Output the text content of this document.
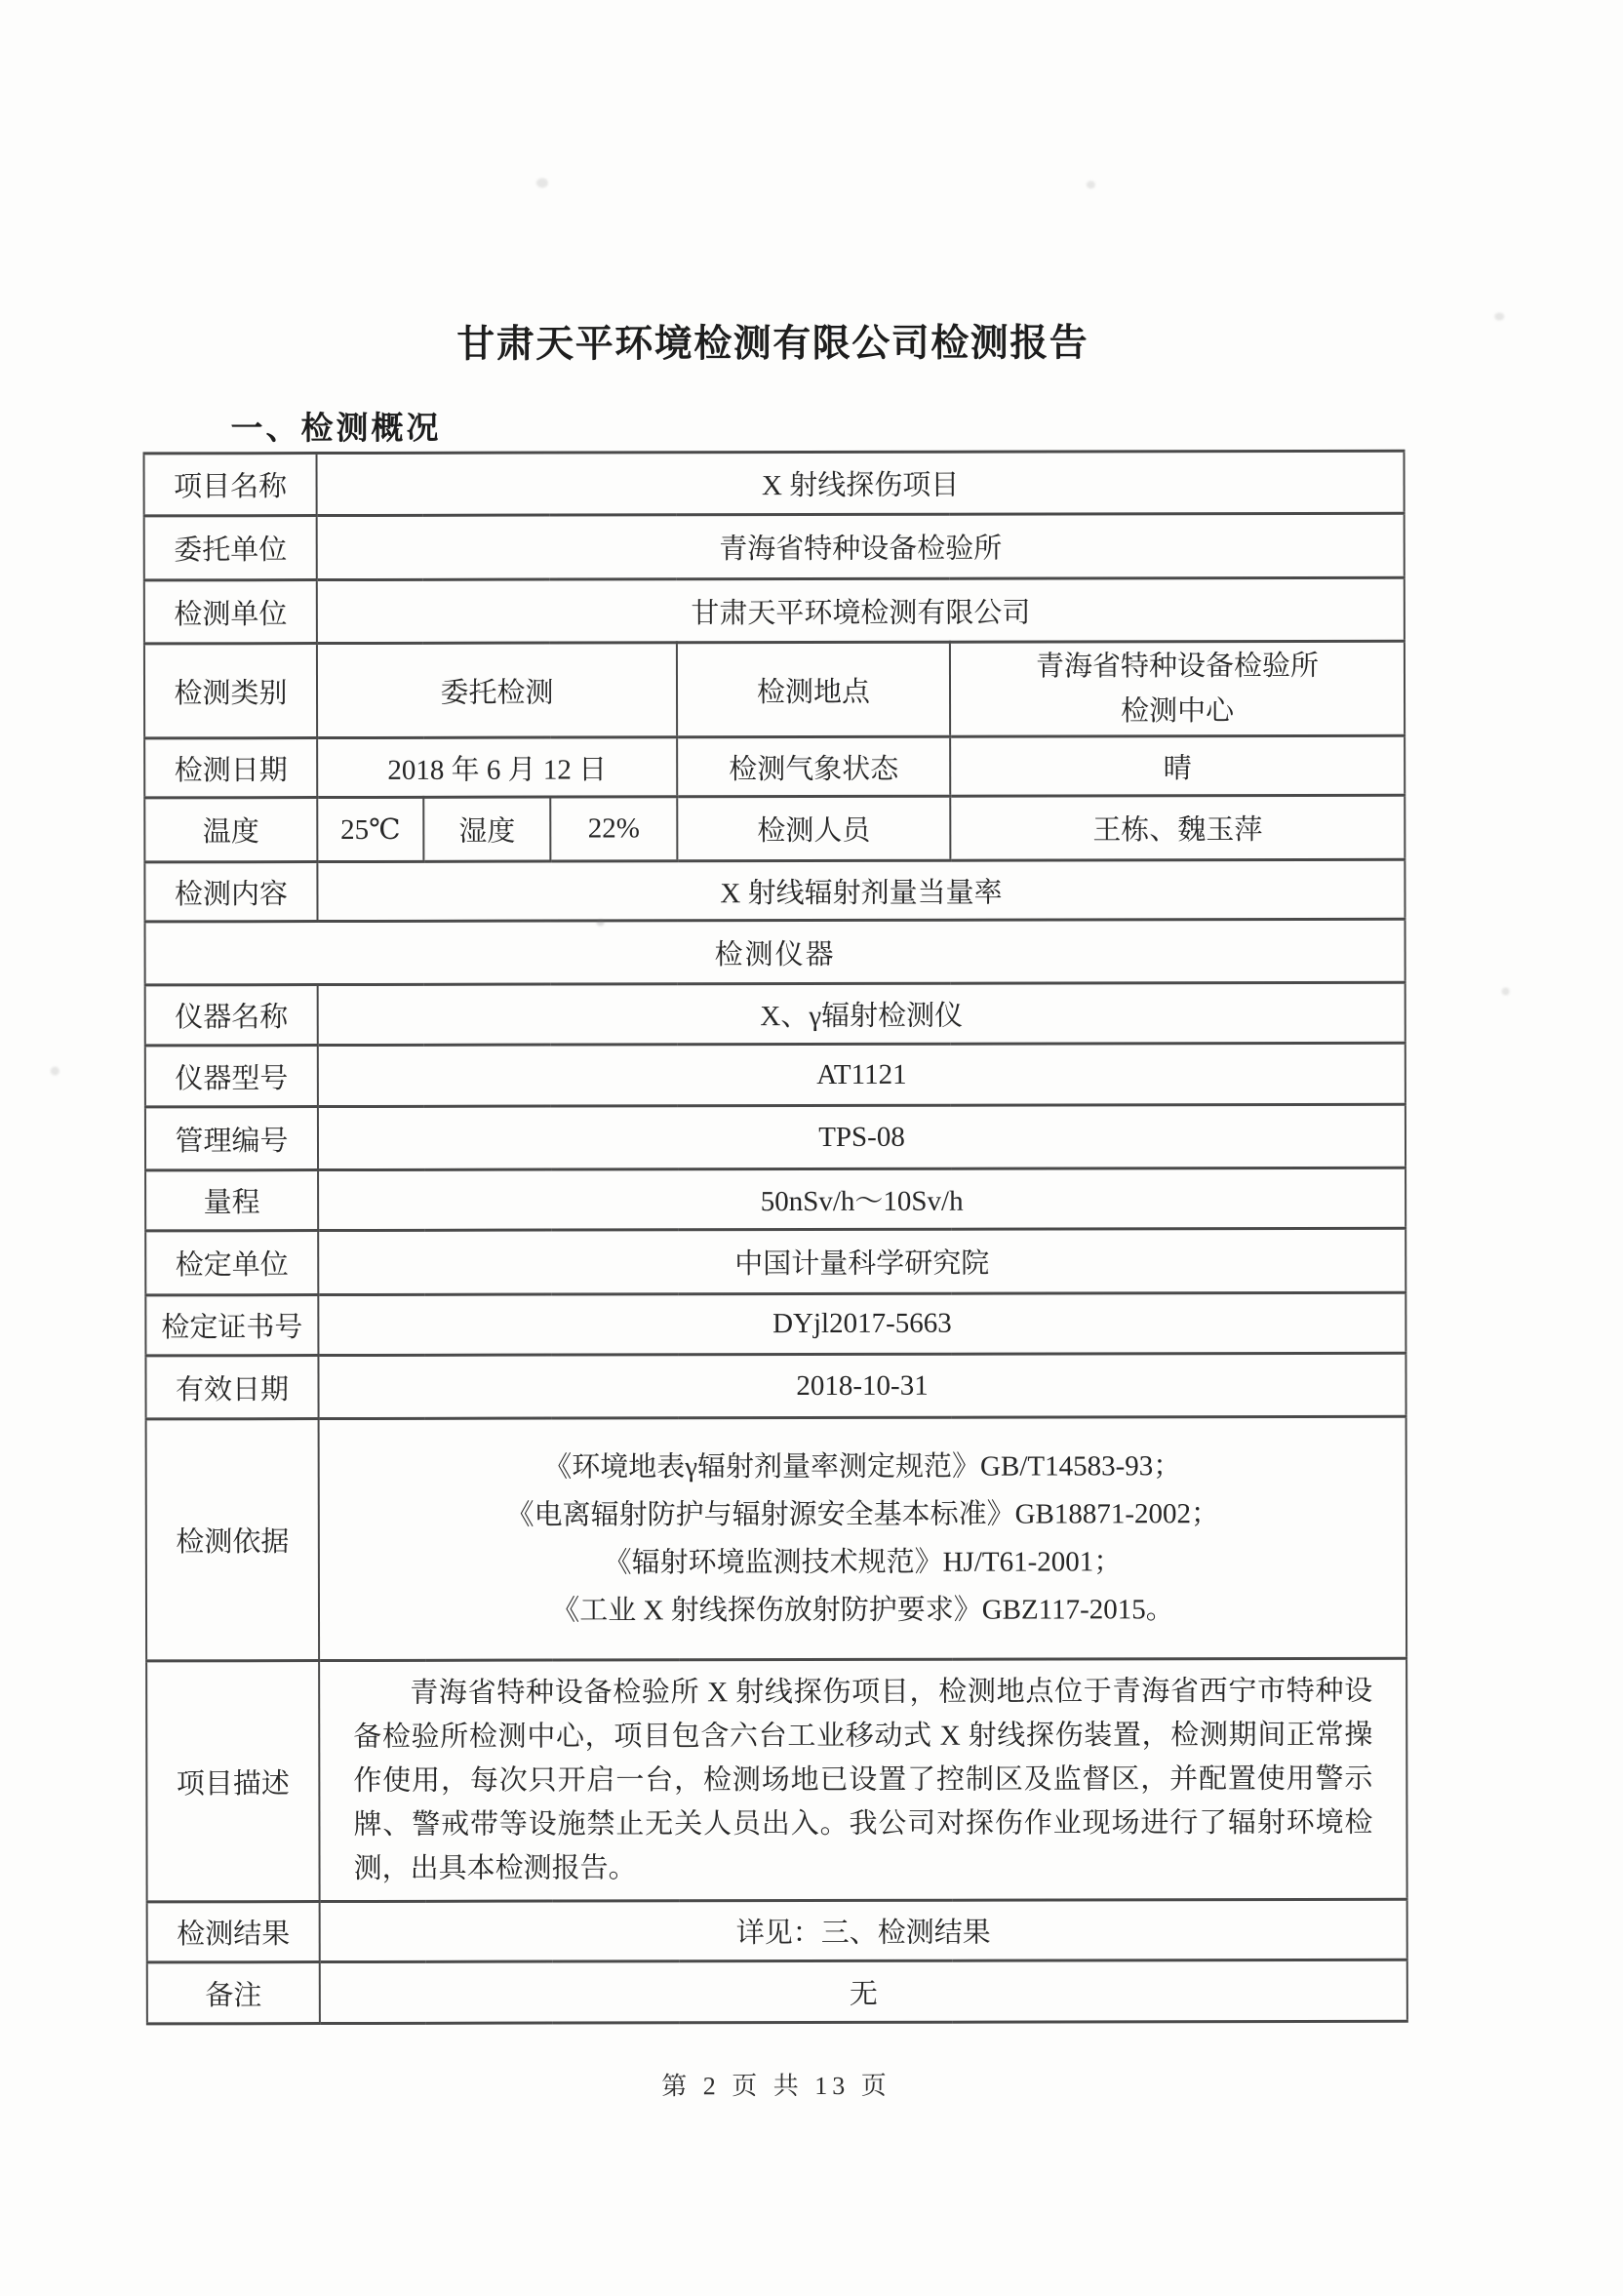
甘肃天平环境检测有限公司检测报告
一、检测概况
项目名称	X 射线探伤项目				
委托单位	青海省特种设备检验所				
检测单位	甘肃天平环境检测有限公司				
检测类别	委托检测			检测地点	青海省特种设备检验所
检测中心
检测日期	2018 年 6 月 12 日			检测气象状态	晴
温度	25℃	湿度	22%	检测人员	王栋、魏玉萍
检测内容	X 射线辐射剂量当量率				
检测仪器					
仪器名称	X、γ辐射检测仪				
仪器型号	AT1121				
管理编号	TPS-08				
量程	50nSv/h～10Sv/h				
检定单位	中国计量科学研究院				
检定证书号	DYjl2017-5663				
有效日期	2018-10-31				
检测依据	《环境地表γ辐射剂量率测定规范》GB/T14583-93；
《电离辐射防护与辐射源安全基本标准》GB18871-2002；
《辐射环境监测技术规范》HJ/T61-2001；
《工业 X 射线探伤放射防护要求》GBZ117-2015。				

项目描述	青海省特种设备检验所 X 射线探伤项目，检测地点位于青海省西宁市特种设备检验所检测中心，项目包含六台工业移动式 X 射线探伤装置，检测期间正常操作使用，每次只开启一台，检测场地已设置了控制区及监督区，并配置使用警示牌、警戒带等设施禁止无关人员出入。我公司对探伤作业现场进行了辐射环境检测，出具本检测报告。				

检测结果	详见：三、检测结果				
备注	无				
第 2 页 共 13 页
